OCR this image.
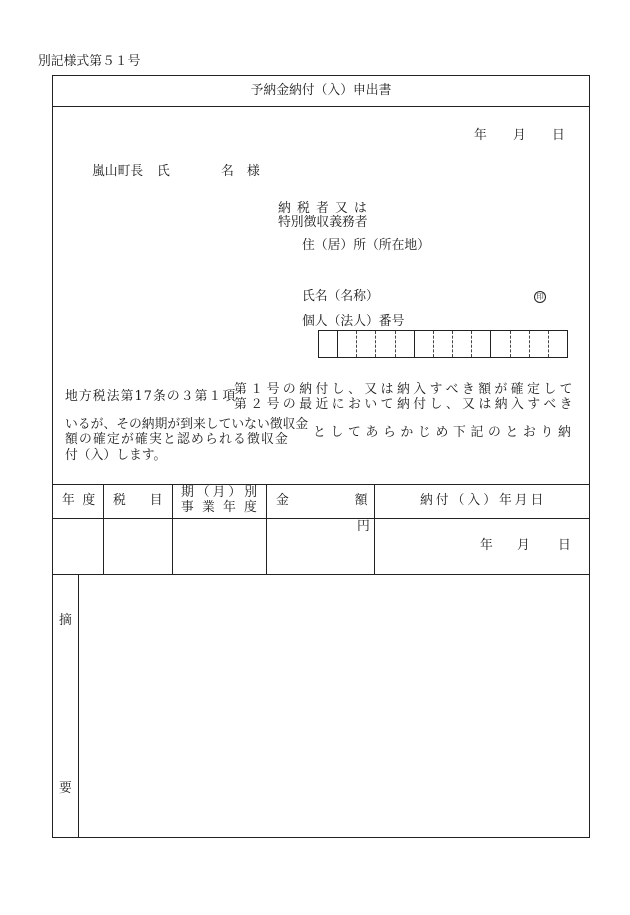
別記様式第５１号
予納金納付（入）申出書
年 月 日
嵐山町長 氏	名 様
納税者又は
特別徴収義務者
住（居）所（所在地）
氏名（名称）	印
個人（法人）番号
第１号の納付し、又は納入すべき額が確定して
地方税法第17条の３第１項
第２号の最近において納付し、又は納入すべき
いるが、その納期が到来していない徴収金
としてあらかじめ下記のとおり納
額の確定が確実と認められる徴収金
付（入）します。
年度 税目
期（月）別
事業年度 金額
納付（入）年月日
円
年 月 日
摘
要
